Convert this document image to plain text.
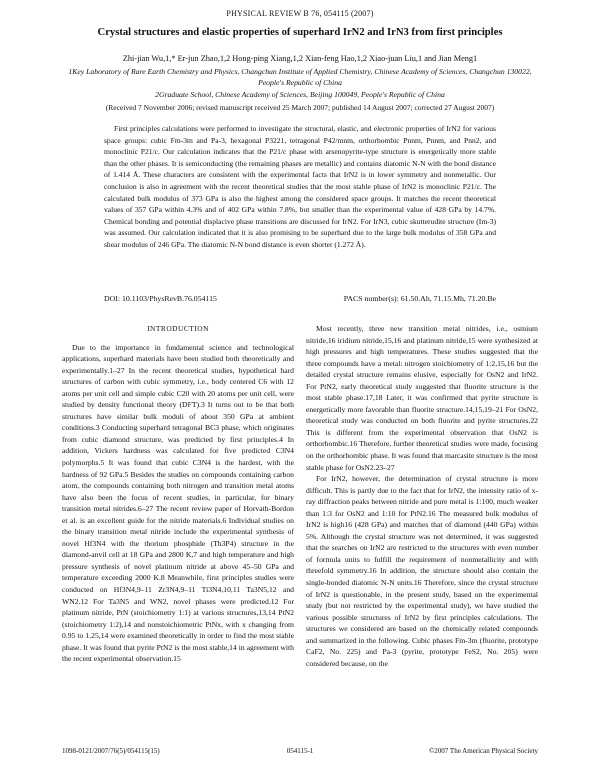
PHYSICAL REVIEW B 76, 054115 (2007)
Crystal structures and elastic properties of superhard IrN2 and IrN3 from first principles
Zhi-jian Wu,1,* Er-jun Zhao,1,2 Hong-ping Xiang,1,2 Xian-feng Hao,1,2 Xiao-juan Liu,1 and Jian Meng1
1Key Laboratory of Rare Earth Chemistry and Physics, Changchun Institute of Applied Chemistry, Chinese Academy of Sciences, Changchun 130022, People's Republic of China
2Graduate School, Chinese Academy of Sciences, Beijing 100049, People's Republic of China
(Received 7 November 2006; revised manuscript received 25 March 2007; published 14 August 2007; corrected 27 August 2007)

First principles calculations were performed to investigate the structural, elastic, and electronic properties of IrN2 for various space groups: cubic Fm-3m and Pa-3, hexagonal P3221, tetragonal P42/mnm, orthorhombic Pnnm, Pnnm, and Pnn2, and monoclinic P21/c. Our calculation indicates that the P21/c phase with arsenopyrite-type structure is energetically more stable than the other phases. It is semiconducting (the remaining phases are metallic) and contains diatomic N-N with the bond distance of 1.414 Å. These characters are consistent with the experimental facts that IrN2 is in lower symmetry and nonmetallic. Our conclusion is also in agreement with the recent theoretical studies that the most stable phase of IrN2 is monoclinic P21/c. The calculated bulk modulus of 373 GPa is also the highest among the considered space groups. It matches the recent theoretical values of 357 GPa within 4.3% and of 402 GPa within 7.8%, but smaller than the experimental value of 428 GPa by 14.7%. Chemical bonding and potential displacive phase transitions are discussed for IrN2. For IrN3, cubic skutterudite structure (Im-3) was assumed. Our calculation indicated that it is also promising to be superhard due to the large bulk modulus of 358 GPa and shear modulus of 246 GPa. The diatomic N-N bond distance is even shorter (1.272 Å).

DOI: 10.1103/PhysRevB.76.054115	PACS number(s): 61.50.Ah, 71.15.Mh, 71.20.Be
INTRODUCTION

Due to the importance in fundamental science and technological applications, superhard materials have been studied both theoretically and experimentally.1–27 In the recent theoretical studies, hypothetical hard structures of carbon with cubic symmetry, i.e., body centered C6 with 12 atoms per unit cell and simple cubic C20 with 20 atoms per unit cell, were studied by density functional theory (DFT).3 It turns out to be that both structures have similar bulk moduli of about 350 GPa at ambient conditions.3 Conducting superhard tetragonal BC3 phase, which originates from cubic diamond structure, was predicted by first principles.4 In addition, Vickers hardness was calculated for five predicted C3N4 polymorphs.5 It was found that cubic C3N4 is the hardest, with the hardness of 92 GPa.5 Besides the studies on compounds containing carbon atom, the compounds containing both nitrogen and transition metal atoms have also been the focus of recent studies, in particular, for binary transition metal nitrides.6–27 The recent review paper of Horvath-Bordon et al. is an excellent guide for the nitride materials.6 Individual studies on the binary transition metal nitride include the experimental synthesis of novel Hf3N4 with the thorium phosphide (Th3P4) structure in the diamond-anvil cell at 18 GPa and 2800 K,7 and high temperature and high pressure synthesis of novel platinum nitride at above 45–50 GPa and temperature exceeding 2000 K.8 Meanwhile, first principles studies were conducted on Hf3N4,9–11 Zr3N4,9–11 Ti3N4,10,11 Ta3N5,12 and WN2.12 For Ta3N5 and WN2, novel phases were predicted.12 For platinum nitride, PtN (stoichiometry 1:1) at various structures,13,14 PtN2 (stoichiometry 1:2),14 and nonstoichiometric PtNx, with x changing from 0.95 to 1.25,14 were examined theoretically in order to find the most stable phase. It was found that pyrite PtN2 is the most stable,14 in agreement with the recent experimental observation.15

Most recently, three new transition metal nitrides, i.e., osmium nitride,16 iridium nitride,15,16 and platinum nitride,15 were synthesized at high pressures and high temperatures. These studies suggested that the three compounds have a metal: nitrogen stoichiometry of 1:2,15,16 but the detailed crystal structure remains elusive, especially for OsN2 and IrN2. For PtN2, early theoretical study suggested that fluorite structure is the most stable phase.17,18 Later, it was confirmed that pyrite structure is energetically more favorable than fluorite structure.14,15,19–21 For OsN2, theoretical study was conducted on both fluorite and pyrite structures.22 This is different from the experimental observation that OsN2 is orthorhombic.16 Therefore, further theoretical studies were made, focusing on the orthorhombic phase. It was found that marcasite structure is the most stable phase for OsN2.23–27

For IrN2, however, the determination of crystal structure is more difficult. This is partly due to the fact that for IrN2, the intensity ratio of x-ray diffraction peaks between nitride and pure metal is 1:100, much weaker than 1:3 for OsN2 and 1:10 for PtN2.16 The measured bulk modulus of IrN2 is high16 (428 GPa) and matches that of diamond (440 GPa) within 5%. Although the crystal structure was not determined, it was suggested that the searches on IrN2 are restricted to the structures with even number of formula units to fulfill the requirement of nonmetallicity and with threefold symmetry.16 In addition, the structure should also contain the single-bonded diatomic N-N units.16 Therefore, since the crystal structure of IrN2 is questionable, in the present study, based on the experimental study (but not restricted by the experimental study), we have studied the various possible structures of IrN2 by first principles calculations. The structures we considered are based on the chemically related compounds and summarized in the following. Cubic phases Fm-3m (fluorite, prototype CaF2, No. 225) and Pa-3 (pyrite, prototype FeS2, No. 205) were considered because, on the

1098-0121/2007/76(5)/054115(15)	054115-1	©2007 The American Physical Society
